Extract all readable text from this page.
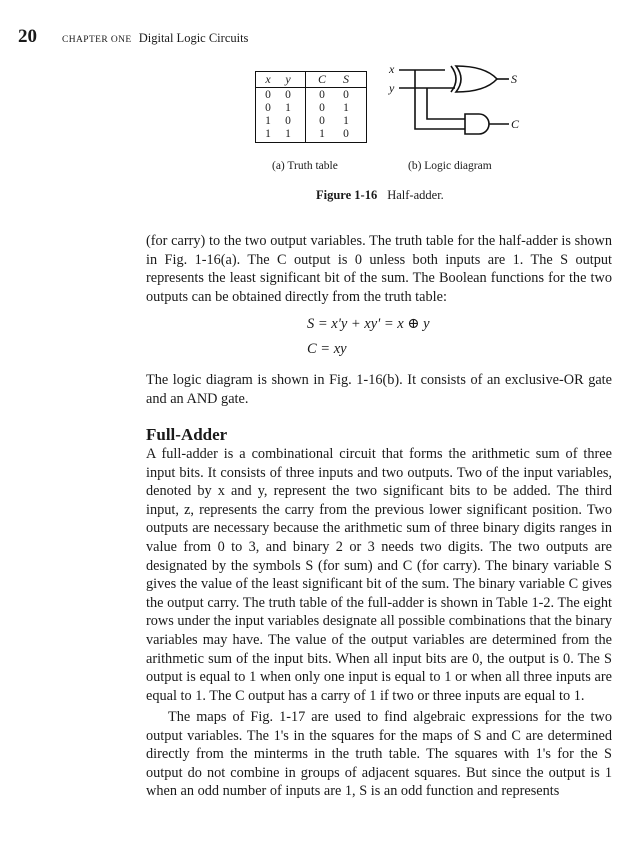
20	CHAPTER ONE Digital Logic Circuits
x	y	C	S
0	0	0	0
0	1	0	1
1	0	0	1
1	1	1	0
x
y
S
C
(a) Truth table	(b) Logic diagram
Figure 1-16 Half-adder.
(for carry) to the two output variables. The truth table for the half-adder is shown in Fig. 1-16(a). The C output is 0 unless both inputs are 1. The S output represents the least significant bit of the sum. The Boolean functions for the two outputs can be obtained directly from the truth table:
S = x'y + xy' = x ⊕ y
C = xy
The logic diagram is shown in Fig. 1-16(b). It consists of an exclusive-OR gate and an AND gate.
Full-Adder
A full-adder is a combinational circuit that forms the arithmetic sum of three input bits. It consists of three inputs and two outputs. Two of the input variables, denoted by x and y, represent the two significant bits to be added. The third input, z, represents the carry from the previous lower significant position. Two outputs are necessary because the arithmetic sum of three binary digits ranges in value from 0 to 3, and binary 2 or 3 needs two digits. The two outputs are designated by the symbols S (for sum) and C (for carry). The binary variable S gives the value of the least significant bit of the sum. The binary variable C gives the output carry. The truth table of the full-adder is shown in Table 1-2. The eight rows under the input variables designate all possible combinations that the binary variables may have. The value of the output variables are determined from the arithmetic sum of the input bits. When all input bits are 0, the output is 0. The S output is equal to 1 when only one input is equal to 1 or when all three inputs are equal to 1. The C output has a carry of 1 if two or three inputs are equal to 1.
The maps of Fig. 1-17 are used to find algebraic expressions for the two output variables. The 1's in the squares for the maps of S and C are determined directly from the minterms in the truth table. The squares with 1's for the S output do not combine in groups of adjacent squares. But since the output is 1 when an odd number of inputs are 1, S is an odd function and represents
